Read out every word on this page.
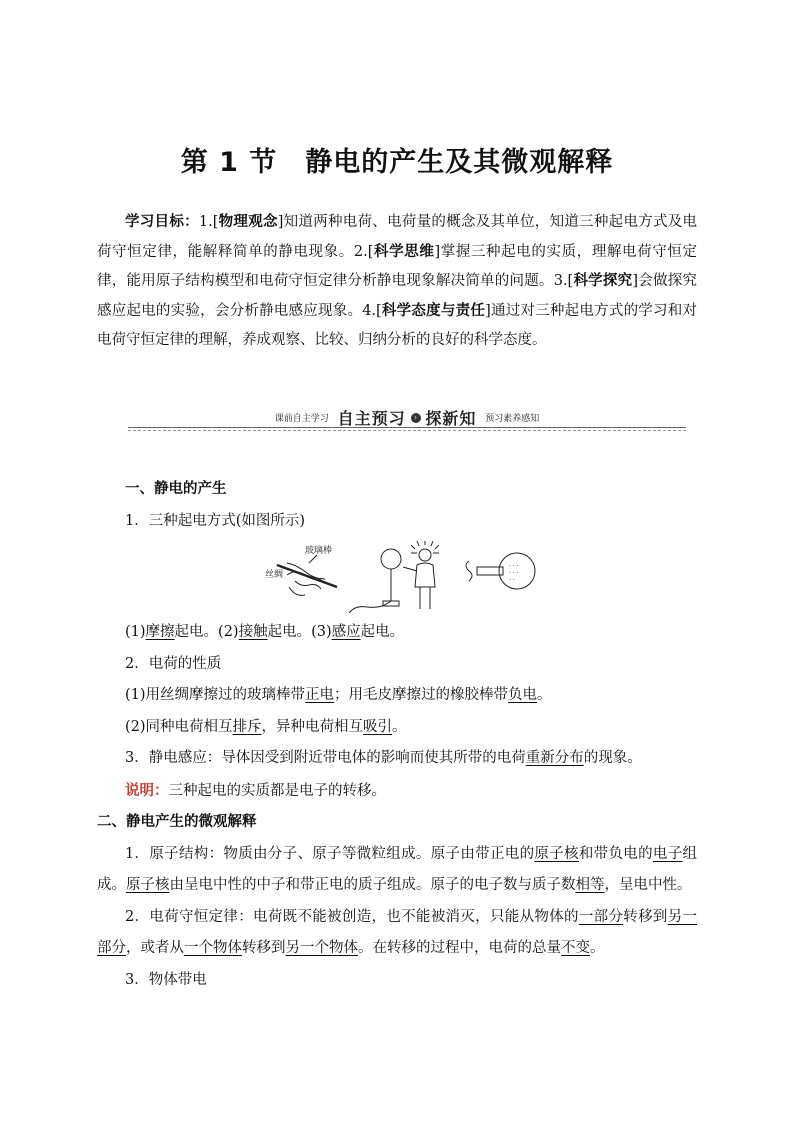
第 1 节　静电的产生及其微观解释
学习目标：1.[物理观念]知道两种电荷、电荷量的概念及其单位，知道三种起电方式及电荷守恒定律，能解释简单的静电现象。2.[科学思维]掌握三种起电的实质，理解电荷守恒定律，能用原子结构模型和电荷守恒定律分析静电现象解决简单的问题。3.[科学探究]会做探究感应起电的实验，会分析静电感应现象。4.[科学态度与责任]通过对三种起电方式的学习和对电荷守恒定律的理解，养成观察、比较、归纳分析的良好的科学态度。
课前自主学习 自主预习 › 探新知 预习素养感知

一、静电的产生

1．三种起电方式(如图所示)

玻璃棒
丝绸
· · ·
· · ·
· ·

(1)摩擦起电。(2)接触起电。(3)感应起电。

2．电荷的性质

(1)用丝绸摩擦过的玻璃棒带正电；用毛皮摩擦过的橡胶棒带负电。

(2)同种电荷相互排斥，异种电荷相互吸引。

3．静电感应：导体因受到附近带电体的影响而使其所带的电荷重新分布的现象。

说明：三种起电的实质都是电子的转移。

二、静电产生的微观解释

1．原子结构：物质由分子、原子等微粒组成。原子由带正电的原子核和带负电的电子组成。原子核由呈电中性的中子和带正电的质子组成。原子的电子数与质子数相等，呈电中性。

2．电荷守恒定律：电荷既不能被创造，也不能被消灭，只能从物体的一部分转移到另一部分，或者从一个物体转移到另一个物体。在转移的过程中，电荷的总量不变。

3．物体带电
